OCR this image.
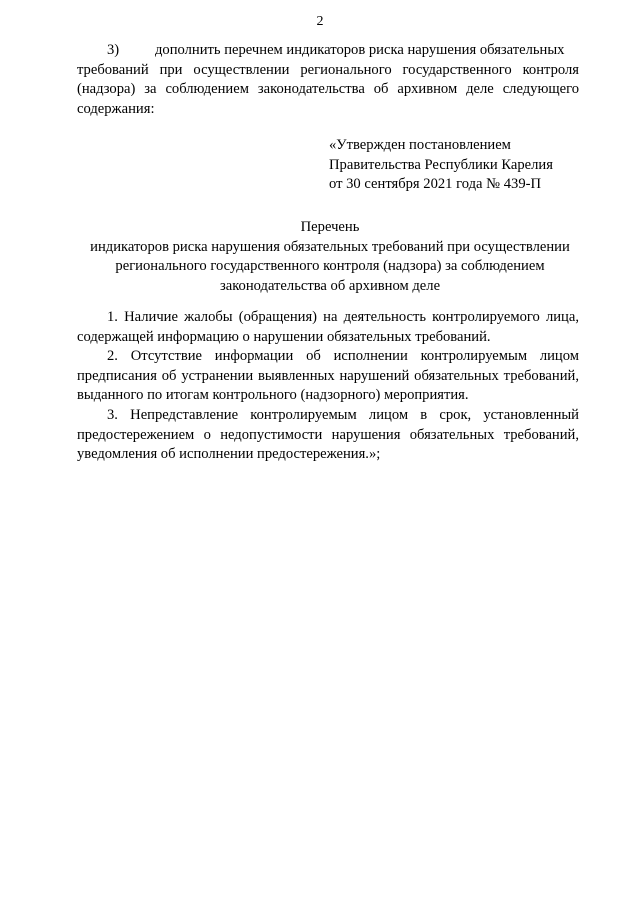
2
3) дополнить перечнем индикаторов риска нарушения обязательных
требований при осуществлении регионального государственного контроля (надзора) за соблюдением законодательства об архивном деле следующего содержания:
«Утвержден постановлением
Правительства Республики Карелия
от 30 сентября 2021 года № 439-П
Перечень
индикаторов риска нарушения обязательных требований при осуществлении
регионального государственного контроля (надзора) за соблюдением
законодательства об архивном деле
1. Наличие жалобы (обращения) на деятельность контролируемого лица, содержащей информацию о нарушении обязательных требований.
2. Отсутствие информации об исполнении контролируемым лицом предписания об устранении выявленных нарушений обязательных требований, выданного по итогам контрольного (надзорного) мероприятия.
3. Непредставление контролируемым лицом в срок, установленный предостережением о недопустимости нарушения обязательных требований, уведомления об исполнении предостережения.»;
